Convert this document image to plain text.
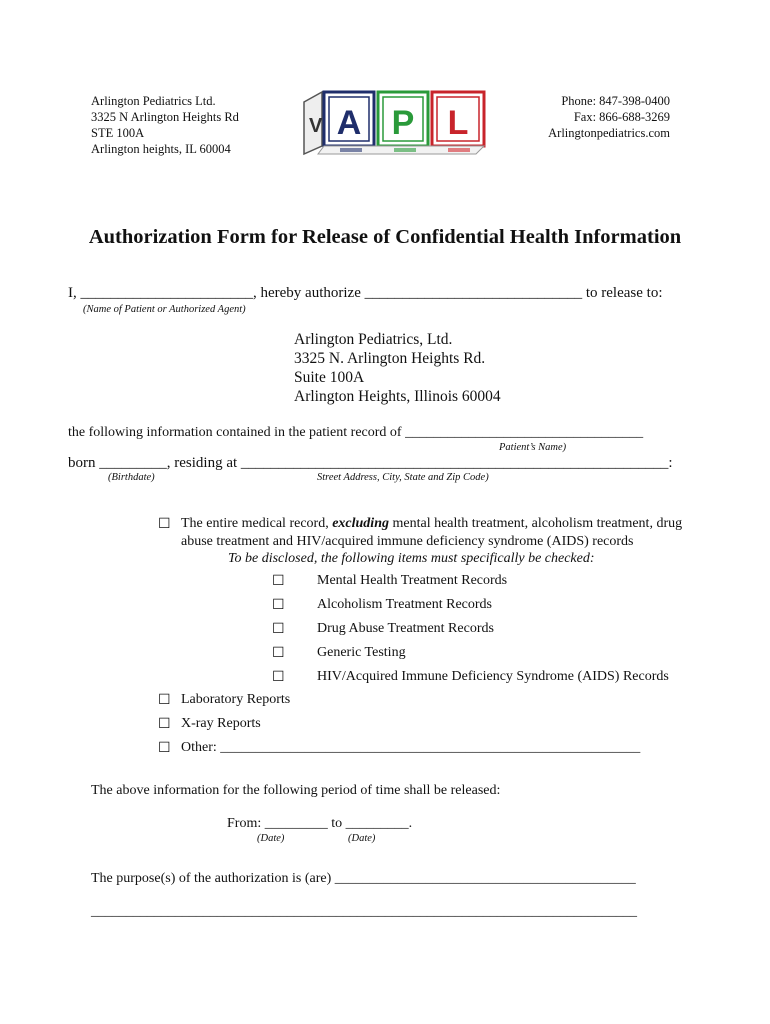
Arlington Pediatrics Ltd.
3325 N Arlington Heights Rd
STE 100A
Arlington heights, IL 60004
V A P L
Phone: 847-398-0400
Fax: 866-688-3269
Arlingtonpediatrics.com
Authorization Form for Release of Confidential Health Information
I, _______________________, hereby authorize _____________________________ to release to:
(Name of Patient or Authorized Agent)
Arlington Pediatrics, Ltd.
3325 N. Arlington Heights Rd.
Suite 100A
Arlington Heights, Illinois 60004
the following information contained in the patient record of __________________________________
Patient’s Name)
born _________, residing at _________________________________________________________:
(Birthdate)	Street Address, City, State and Zip Code)
☐ The entire medical record, excluding mental health treatment, alcoholism treatment, drug
abuse treatment and HIV/acquired immune deficiency syndrome (AIDS) records
To be disclosed, the following items must specifically be checked:
☐ Mental Health Treatment Records
☐ Alcoholism Treatment Records
☐ Drug Abuse Treatment Records
☐ Generic Testing
☐ HIV/Acquired Immune Deficiency Syndrome (AIDS) Records
☐ Laboratory Reports
☐ X-ray Reports
☐ Other: ____________________________________________________________
The above information for the following period of time shall be released:
From: _________ to _________.
(Date)	(Date)
The purpose(s) of the authorization is (are) ___________________________________________
______________________________________________________________________________
